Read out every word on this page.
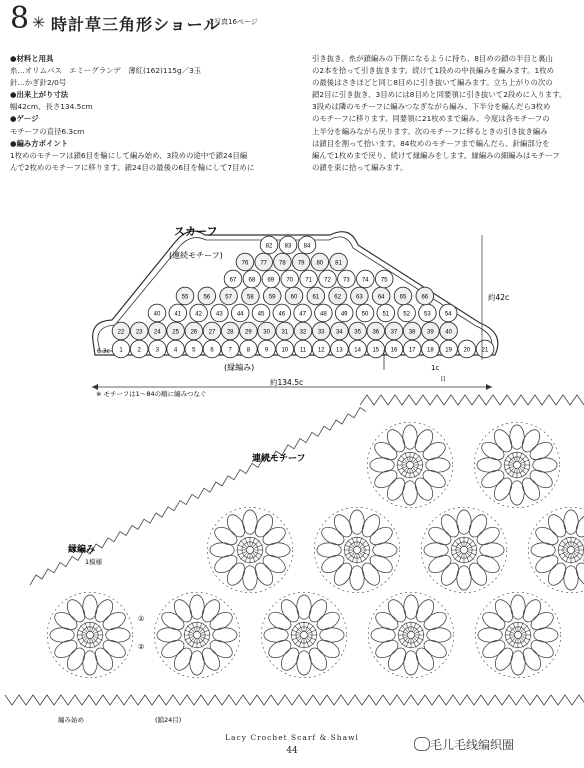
8 ✳ 時計草三角形ショール
…写真16ページ
●材料と用具
糸…オリムパス　エミーグランデ　薄紅(162)115g／3玉
針…かぎ針2/0号
●出来上がり寸法
幅42cm、長さ134.5cm
●ゲージ
モチーフの直径6.3cm
●編み方ポイント
1枚めのモチーフは鎖6目を輪にして編み始め、3段めの途中で鎖24目編
んで2枚めのモチーフに移ります。鎖24目の最後の6目を輪にして7目めに
引き抜き、糸が鎖編みの下側になるように持ち、8目めの鎖の半目と裏山
の2本を拾って引き抜きます。続けて1段めの中長編みを編みます。1枚め
の最後はさきほどと同じ8目めに引き抜いて編みます。立ち上がりの次の
鎖2目に引き抜き、3目めには8目めと同要領に引き抜いて2段めに入ります。
3段めは隣のモチーフに編みつなぎながら編み、下半分を編んだら3枚め
のモチーフに移ります。同要領に21枚めまで編み、今度は各モチーフの
上半分を編みながら戻ります。次のモチーフに移るときの引き抜き編み
は鎖目を割って拾います。84枚めのモチーフまで編んだら、針編部分を
編んで1枚めまで戻り、続けて縁編みをします。縁編みの細編みはモチーフ
の鎖を束に拾って編みます。
1 2 3 4 5 6 7 8 9 10 11 12 13 14 15 16 17 18 19 20 21
22 23 24 25 26 27 28 29 30 31 32 33 34 35 36 37 38 39 40
40 41 42 43 44 45 46 47 48 49 50 51 52 53 54
55	56	57	58	59	60	61	62	63	64	65	66
67 68 69 70 71 72 73 74 75
76 77 78 79 80 81
82 83 84
スカーフ
(連続モチーフ)
(縁編み)
6.3c
1c
目
約42c
約134.5c
※ モチーフは1〜84の順に編みつなぐ
連続モチーフ
縁編み
1模様
編み始め	(鎖24目)
①
②
Lacy Crochet Scarf & Shawl
44	毛儿毛线编织圈
